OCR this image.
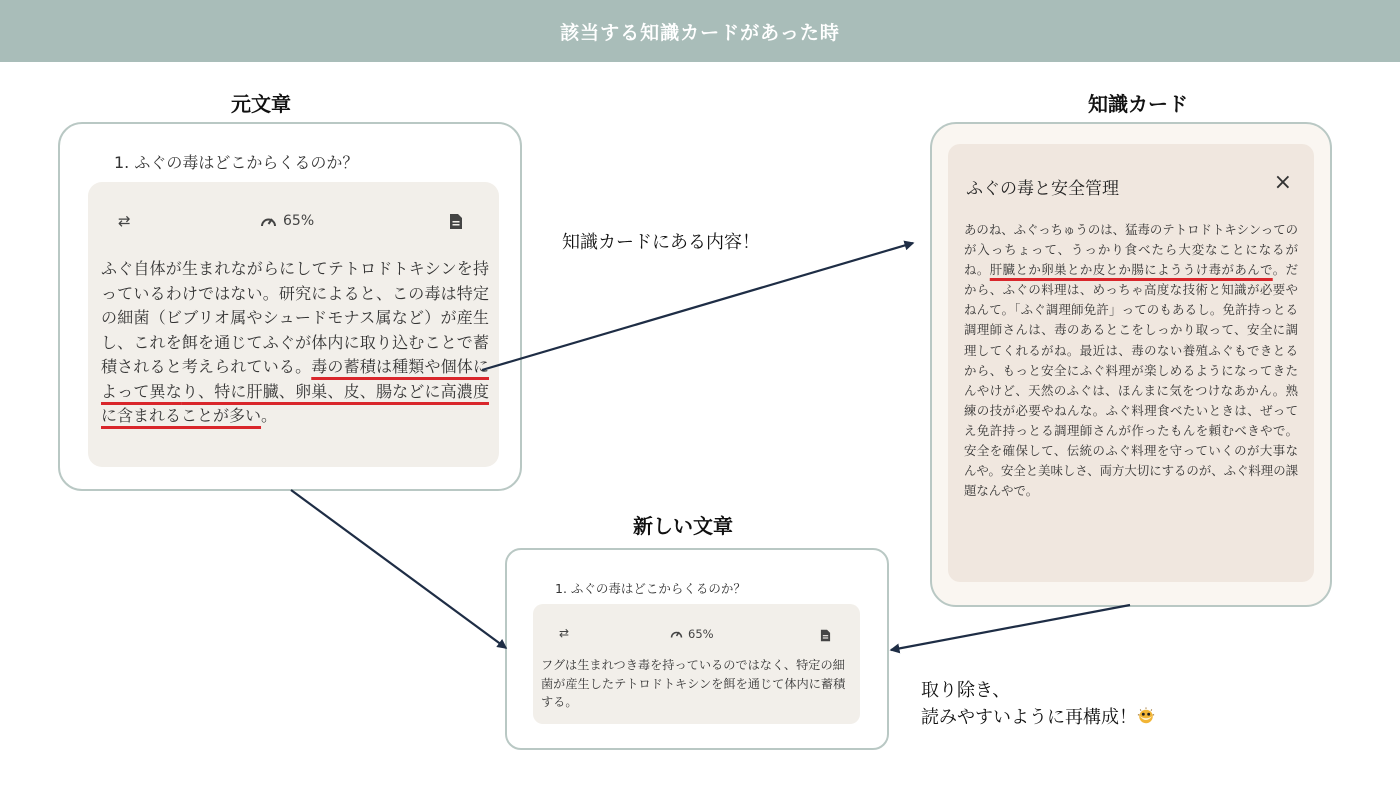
該当する知識カードがあった時
元文章	知識カード
新しい文章
1. ふぐの毒はどこからくるのか？
⇄	65%
ふぐ自体が生まれながらにしてテトロドトキシンを持っているわけではない。研究によると、この毒は特定の細菌（ビブリオ属やシュードモナス属など）が産生し、これを餌を通じてふぐが体内に取り込むことで蓄積されると考えられている。毒の蓄積は種類や個体によって異なり、特に肝臓、卵巣、皮、腸などに高濃度に含まれることが多い。
ふぐの毒と安全管理	×
あのね、ふぐっちゅうのは、猛毒のテトロドトキシンってのが入っちょって、うっかり食べたら大変なことになるがね。肝臓とか卵巣とか皮とか腸によううけ毒があんで。だから、ふぐの料理は、めっちゃ高度な技術と知識が必要やねんて。「ふぐ調理師免許」ってのもあるし。免許持っとる調理師さんは、毒のあるとこをしっかり取って、安全に調理してくれるがね。最近は、毒のない養殖ふぐもできとるから、もっと安全にふぐ料理が楽しめるようになってきたんやけど、天然のふぐは、ほんまに気をつけなあかん。熟練の技が必要やねんな。ふぐ料理食べたいときは、ぜってえ免許持っとる調理師さんが作ったもんを頼むべきやで。安全を確保して、伝統のふぐ料理を守っていくのが大事なんや。安全と美味しさ、両方大切にするのが、ふぐ料理の課題なんやで。
1. ふぐの毒はどこからくるのか？
⇄	65%
フグは生まれつき毒を持っているのではなく、特定の細菌が産生したテトロドトキシンを餌を通じて体内に蓄積する。
知識カードにある内容！
取り除き、
読みやすいように再構成！
